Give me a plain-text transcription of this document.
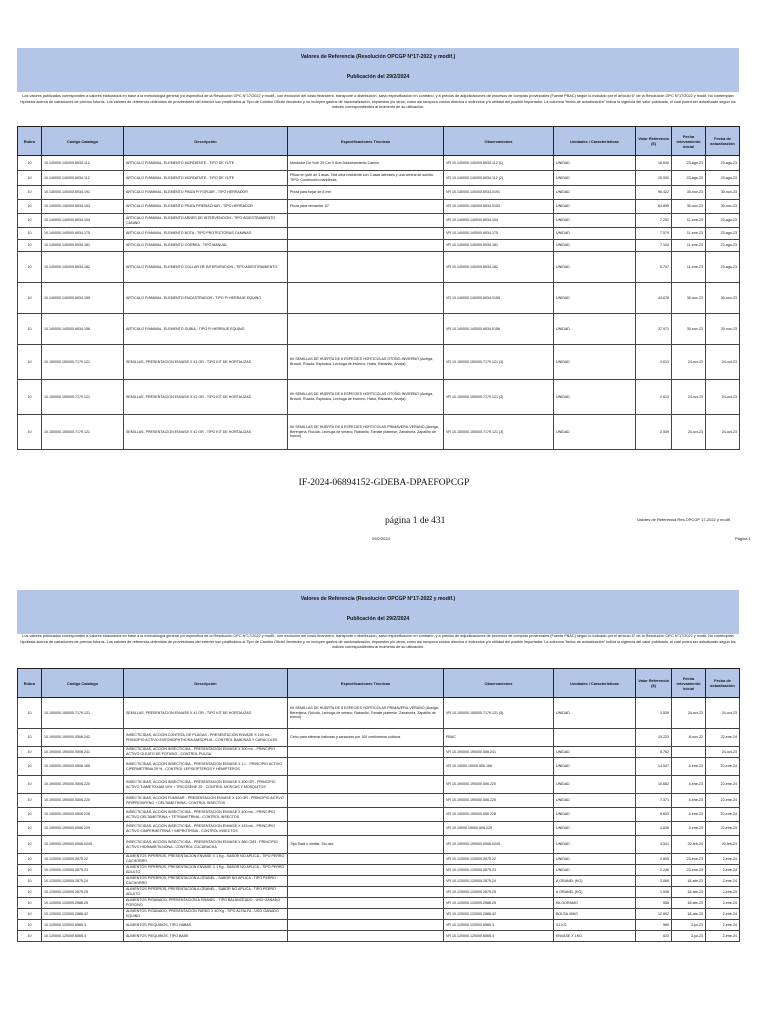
Valores de Referencia (Resolución OPCGP N°17-2022 y modif.)
Publicación del 29/2/2024
Los valores publicados corresponden a valores elaborados en base a la metodología general y/o específica de la Resolución OPC N°17/2022 y modif., con exclusión del costo financiero, transporte o distribución, salvo especificación en contrario, y a precios de adjudicaciones de procesos de compras provinciales (Fuente PBAC) según lo indicado por el artículo 6° de la Resolución OPC N°17/2022 y modif. No contemplan hipótesis acerca de variaciones de precios futuros. Los valores de referencia obtenidos de proveedores del exterior son pesificados al Tipo de Cambio Oficial Vendedor y no incluyen gastos de nacionalización, impuestos y/u otros, como así tampoco costos directos e indirectos y/o utilidad del posible importador. La columna "fecha de actualización" indica la vigencia del valor publicado, el cual podrá ser actualizado según los índices correspondientes al momento de su utilización.
Rubro	Código Catalogo	Descripción	Especificaciones Técnicas	Observaciones	Unidades / Caracteristicas	Valor Referencia ($)	Fecha relevamiento inicial	Fecha de actualización
10	10.140000.140000.6934.112	ARTICULO P/ANIMAL, ELEMENTO MORDIENTE - TIPO DE YUTE	Mordedor De Yute 20 Cm X 6cm Adiestramiento Canino	VR 10.140000.140000.6934.112 (1)	UNIDAD	16.640	23-ago-23	23-ago-23
10	10.140000.140000.6934.112	ARTICULO P/ANIMAL, ELEMENTO MORDIENTE - TIPO DE YUTE	Pillow en yute de 3 asas. Tela ultra resistente con 3 asas laterales y una central de sueldo. TIPO: Contención mandíbula.	VR 10.140000.140000.6934.112 (2)	UNIDAD	29.900	23-ago-23	23-ago-23
10	10.140000.140000.6934.191	ARTICULO P/ANIMAL, ELEMENTO PINZA P/ FORJAR - TIPO HERRADOR	Pinza para forjar de 8 mm	VR 10.140000.140000.6934.0191	UNIDAD	96.422	30-nov-23	30-nov-23
10	10.140000.140000.6934.153	ARTICULO P/ANIMAL, ELEMENTO PINZA P/REMACHAR - TIPO HERRADOR	Pinza para remachar 10"	VR 10.140000.140000.6934.0153	UNIDAD	64.895	30-nov-23	30-nov-23
10	10.140000.140000.6934.104	ARTICULO P/ANIMAL, ELEMENTO ARNES DE INTERVENCION - TIPO ADIESTRAMIENTO CANINO		VR 10.140000.140000.6934.104	UNIDAD	7.252	11-ene-23	23-ago-23
10	10.140000.140000.6934.175	ARTICULO P/ANIMAL, ELEMENTO BOTA - TIPO PROTECTORAS CAMINAS		VR 10.140000.140000.6934.175	UNIDAD	7.579	11-ene-23	23-ago-23
10	10.140000.140000.6934.181	ARTICULO P/ANIMAL, ELEMENTO CORREA - TIPO MANUAL		VR 10.140000.140000.6934.181	UNIDAD	7.104	11-ene-23	23-ago-23
10	10.140000.140000.6934.182	ARTICULO P/ANIMAL, ELEMENTO COLLAR DE INTERVENCION - TIPO ADIESTRAMIENTO		VR 10.140000.140000.6934.182	UNIDAD	5.707	11-ene-23	23-ago-23
10	10.140000.140000.6934.155	ARTICULO P/ANIMAL, ELEMENTO ENCASTRADOR - TIPO P/ HERRAJE EQUINO		VR 10.140000.140000.6934.0155	UNIDAD	44.678	30-nov-23	30-nov-23
10	10.140000.140000.6934.156	ARTICULO P/ANIMAL, ELEMENTO GUBIA - TIPO P/ HERRAJE EQUINO		VR 10.140000.140000.6934.0156	UNIDAD	37.971	30-nov-23	30-nov-23
10	10.150000.150000.7179.121	SEMILLAS, PRESENTACION ENVASE X 41 GR - TIPO KIT DE HORTALIZAS	Kit SEMILLAS DE HUERTA DE 8 ESPECIES HORTICOLAS OTOÑO-INVIERNO (Acelga, Brócoli, Rúcula, Espinaca, Lechuga de invierno, Haba, Rabanito, Arveja).	VR 10.150000.150000.7179.121 (3)	UNIDAD	2.613	24-oct-23	24-oct-23
10	10.150000.150000.7179.121	SEMILLAS, PRESENTACION ENVASE X 41 GR - TIPO KIT DE HORTALIZAS	Kit SEMILLAS DE HUERTA DE 8 ESPECIES HORTICOLAS OTOÑO-INVIERNO (Acelga, Brócoli, Rúcula, Espinaca, Lechuga de invierno, Haba, Rabanito, Arveja).	VR 10.150000.150000.7179.121 (3)	UNIDAD	2.613	24-oct-23	24-oct-23
10	10.150000.150000.7179.121	SEMILLAS, PRESENTACION ENVASE X 41 GR - TIPO KIT DE HORTALIZAS	Kit SEMILLAS DE HUERTA DE 8 ESPECIES HORTICOLAS PRIMAVERA-VERANO (Acelga, Berenjena, Rúcula, Lechuga de verano, Rabanito, Tomate platense, Zanahoria, Zapallito de tronco).	VR 10.150000.150000.7179.121 (3)	UNIDAD	2.539	24-oct-23	24-oct-23
IF-2024-06894152-GDEBA-DPAEFOPCGP
página 1 de 431	Valores de Referencia Res.OPCGP 17-2022 y modif.
29/2/2024	Página 1
Valores de Referencia (Resolución OPCGP N°17-2022 y modif.)
Publicación del 29/2/2024
Los valores publicados corresponden a valores elaborados en base a la metodología general y/o específica de la Resolución OPC N°17/2022 y modif., con exclusión del costo financiero, transporte o distribución, salvo especificación en contrario, y a precios de adjudicaciones de procesos de compras provinciales (Fuente PBAC) según lo indicado por el artículo 6° de la Resolución OPC N°17/2022 y modif. No contemplan hipótesis acerca de variaciones de precios futuros. Los valores de referencia obtenidos de proveedores del exterior son pesificados al Tipo de Cambio Oficial Vendedor y no incluyen gastos de nacionalización, impuestos y/u otros, como así tampoco costos directos e indirectos y/o utilidad del posible importador. La columna "fecha de actualización" indica la vigencia del valor publicado, el cual podrá ser actualizado según los índices correspondientes al momento de su utilización.
Rubro	Código Catalogo	Descripción	Especificaciones Técnicas	Observaciones	Unidades / Caracteristicas	Valor Referencia ($)	Fecha relevamiento inicial	Fecha de actualización
10	10.150000.150000.7179.121	SEMILLAS, PRESENTACION ENVASE X 41 GR - TIPO KIT DE HORTALIZAS	Kit SEMILLAS DE HUERTA DE 8 ESPECIES HORTICOLAS PRIMAVERA-VERANO (Acelga, Berenjena, Rúcula, Lechuga de verano, Rabanito, Tomate platense, Zanahoria, Zapallito de tronco).	VR 10.150000.150000.7179.121 (5)	UNIDAD	2.539	24-oct-23	24-oct-23
10	10.190000.190000.0506.242	INSECTICIDAS, ACCION CONTROL DE PLAGAS - PRESENTACION ENVASE X 100 mL - PRINCIPIO ACTIVO ENTOMOPHTHORA ANISOPLIA - CONTROL BABOSAS Y CARACOLES	Cebo para eliminar babosas y caracoles por 100 centímetros cúbicos	PBAC		15.223	8-nov-22	22-ene-24
10	10.190000.190000.0506.241	INSECTICIDAS, ACCION INSECTICIDA - PRESENTACION ENVASE X 500 mL - PRINCIPIO ACTIVO OLEATO DE POTASIO - CONTROL PULGA		VR 10.190000.190000.506.241	UNIDAD	8.762		24-oct-23
10	10.190000.190000.0506.166	INSECTICIDAS, ACCION INSECTICIDA - PRESENTACION ENVASE X 1 L - PRINCIPIO ACTIVO CIPERMETRINA 25 % - CONTROL LEPIDOPTEROS Y HEMIPTEROS		VR 10.19000.19000.506.166	UNIDAD	14.547	4-ene-23	22-ene-24
10	10.190000.190000.0506.220	INSECTICIDAS, ACCION INSECTICIDA - PRESENTACION ENVASE X 400 GR - PRINCIPIO ACTIVO TIAMETOXAM 10% + TRICOSENE Z9 - CONTROL MOSCAS Y MOSQUITOS		VR 10.190000.190000.506.220	UNIDAD	10.682	4-ene-23	22-ene-24
10	10.190000.190000.0506.225	INSECTICIDAS, ACCION FUMIGAR - PRESENTACION ENVASE X 120 GR - PRINCIPIO ACTIVO PIRIPROXIFENO + DELTAMETRINA - CONTROL INSECTOS		VR 10.190000.190000.506.225	UNIDAD	7.371	4-ene-23	22-ene-24
10	10.190000.190000.0506.228	INSECTICIDAS, ACCION INSECTICIDA - PRESENTACION ENVASE X 400 mL - PRINCIPIO ACTIVO DELTAMETRINA + TETRAMETRINA - CONTROL INSECTOS		VR 10.190000.190000.506.228	UNIDAD	6.603	4-ene-23	22-ene-24
10	10.190000.190000.0506.229	INSECTICIDAS, ACCION INSECTICIDA - PRESENTACION ENVASE X 415 mL - PRINCIPIO ACTIVO CIMPERMETRINA + IMIPROTRINA - CONTROL INSECTOS		VR 10.19000.19000.506.229	UNIDAD	4.836	4-ene-23	22-ene-24
10	10.190000.190000.0506.0245	INSECTICIDAS, ACCION INSECTICIDA - PRESENTACION ENVASE X 860 CM3 - PRINCIPIO ACTIVO HIDRAMETILNONA - CONTROL CUCARACHA	Tipo Raid o similar. Sin olor.	VR 10.190000.190000.0506.0245	UNIDAD	4.541	20-feb-24	20-feb-24
10	10.120000.120000.2875.22	ALIMENTOS P/PERROS, PRESENTACION ENVASE X 1 Kg - SABOR NO APLICA - TIPO PERRO CACHORRO		VR 10.120000.120000.2875.22	UNIDAD	2.805	23-ene-23	2-ene-24
10	10.120000.120000.2875.23	ALIMENTOS P/PERROS, PRESENTACION ENVASE X 1 Kg - SABOR NO APLICA - TIPO PERRO ADULTO		VR 10.120000.120000.2875.23	UNIDAD	2.246	23-ene-23	2-ene-24
10	10.120000.120000.2875.24	ALIMENTOS P/PERROS, PRESENTACION A GRANEL - SABOR NO APLICA - TIPO PERRO CACHORRO		VR 10.120000.120000.2875.24	A GRANEL (KG)	2.069	18-abr-23	2-ene-24
10	10.120000.120000.2875.25	ALIMENTOS P/PERROS, PRESENTACION A GRANEL - SABOR NO APLICA - TIPO PERRO ADULTO		VR 10.120000.120000.2875.25	A GRANEL (KG)	1.908	18-abr-23	2-ene-24
10	10.120000.120000.2888.25	ALIMENTOS P/GANADO, PRESENTACION A GRANEL - TIPO BALANCEADO - USO GANADO PORCINO		VR 10.120000.120000.2888.25	KILOGRAMO	558	18-abr-23	2-ene-24
10	10.120000.120000.2888.42	ALIMENTOS P/GANADO, PRESENTACION FARDO X 40 Kg - TIPO ALFALFA - USO GANADO EQUINO		VR 10.120000.120000.2888.42	BOLSA 40KG	12.892	18-abr-23	2-ene-24
10	10.120000.120000.6565.3	ALIMENTOS P/EQUINOS, TIPO HABAS		VR 10.120000.120000.6565.3	X1 KG	969	3-jul-23	2-ene-24
10	10.120000.120000.6565.4	ALIMENTOS P/EQUINOS, TIPO BASE		VR 10.120000.120000.6565.4	ENVASE X 1KG	823	3-jul-23	2-ene-24
